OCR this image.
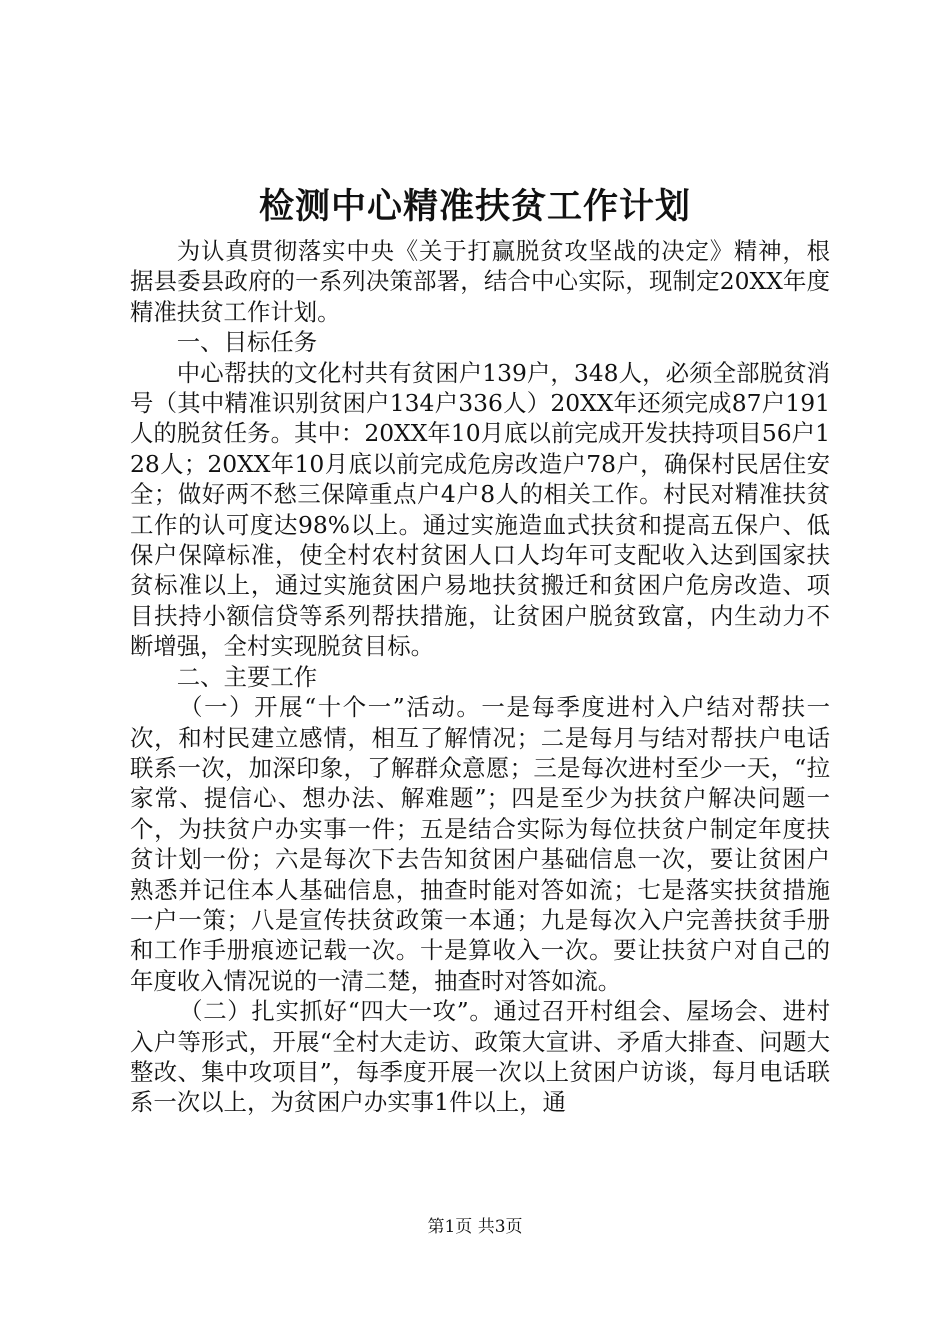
检测中心精准扶贫工作计划

为认真贯彻落实中央《关于打赢脱贫攻坚战的决定》精神，根据县委县政府的一系列决策部署，结合中心实际，现制定20XX年度精准扶贫工作计划。

一、目标任务

中心帮扶的文化村共有贫困户139户，348人，必须全部脱贫消号（其中精准识别贫困户134户336人）20XX年还须完成87户191人的脱贫任务。其中：20XX年10月底以前完成开发扶持项目56户128人；20XX年10月底以前完成危房改造户78户，确保村民居住安全；做好两不愁三保障重点户4户8人的相关工作。村民对精准扶贫工作的认可度达98%以上。通过实施造血式扶贫和提高五保户、低保户保障标准，使全村农村贫困人口人均年可支配收入达到国家扶贫标准以上，通过实施贫困户易地扶贫搬迁和贫困户危房改造、项目扶持小额信贷等系列帮扶措施，让贫困户脱贫致富，内生动力不断增强，全村实现脱贫目标。

二、主要工作

（一）开展“十个一”活动。一是每季度进村入户结对帮扶一次，和村民建立感情，相互了解情况；二是每月与结对帮扶户电话联系一次，加深印象，了解群众意愿；三是每次进村至少一天，“拉家常、提信心、想办法、解难题”；四是至少为扶贫户解决问题一个，为扶贫户办实事一件；五是结合实际为每位扶贫户制定年度扶贫计划一份；六是每次下去告知贫困户基础信息一次，要让贫困户熟悉并记住本人基础信息，抽查时能对答如流；七是落实扶贫措施一户一策；八是宣传扶贫政策一本通；九是每次入户完善扶贫手册和工作手册痕迹记载一次。十是算收入一次。要让扶贫户对自己的年度收入情况说的一清二楚，抽查时对答如流。

（二）扎实抓好“四大一攻”。通过召开村组会、屋场会、进村入户等形式，开展“全村大走访、政策大宣讲、矛盾大排查、问题大整改、集中攻项目”，每季度开展一次以上贫困户访谈，每月电话联系一次以上，为贫困户办实事1件以上，通

第1页 共3页
